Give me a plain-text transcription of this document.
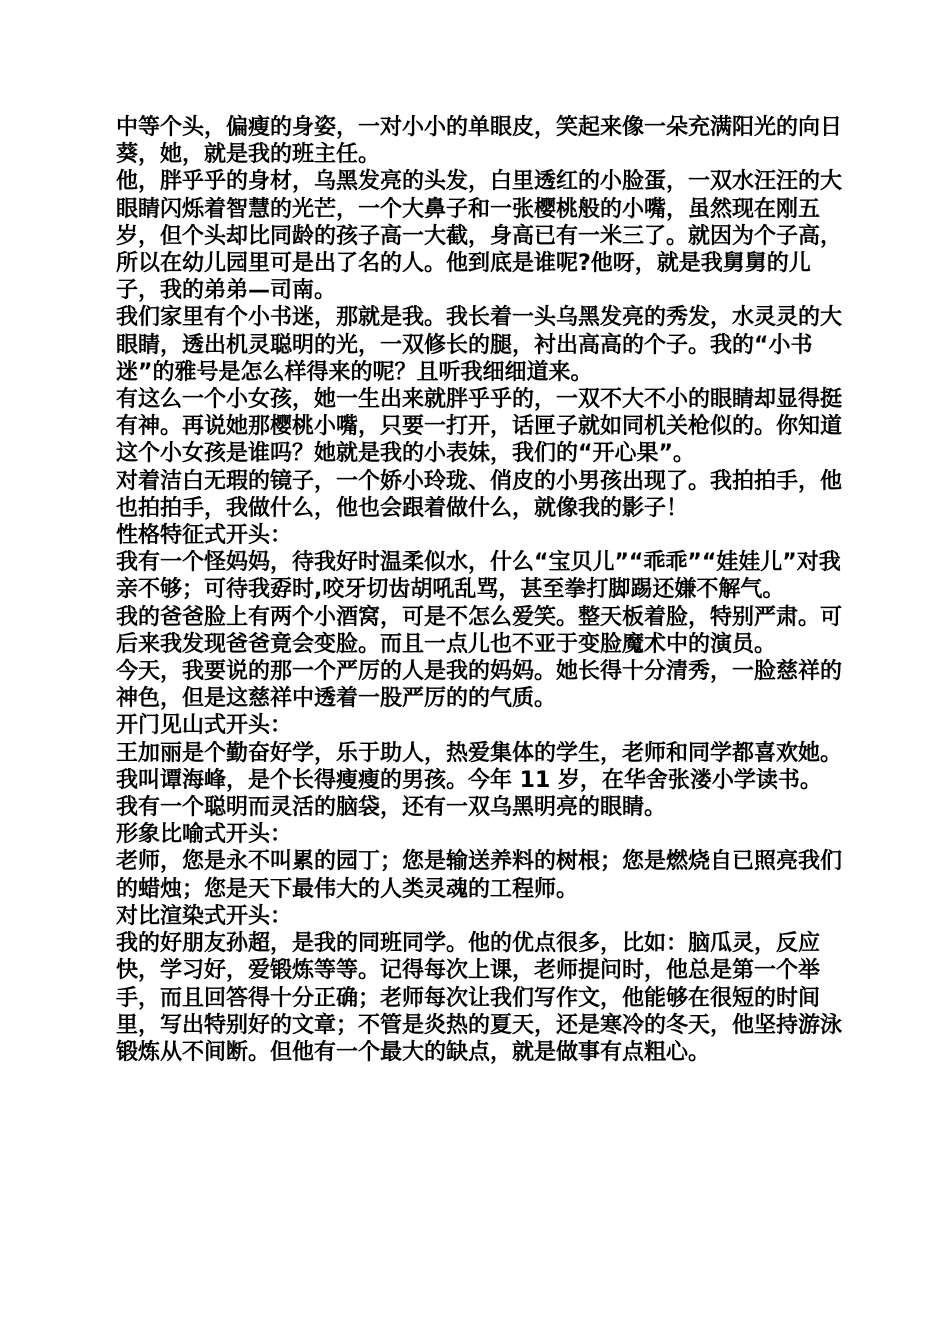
中等个头，偏瘦的身姿，一对小小的单眼皮，笑起来像一朵充满阳光的向日葵，她，就是我的班主任。

他，胖乎乎的身材，乌黑发亮的头发，白里透红的小脸蛋，一双水汪汪的大眼睛闪烁着智慧的光芒，一个大鼻子和一张樱桃般的小嘴，虽然现在刚五岁，但个头却比同龄的孩子高一大截，身高已有一米三了。就因为个子高，所以在幼儿园里可是出了名的人。他到底是谁呢?他呀，就是我舅舅的儿子，我的弟弟—司南。

我们家里有个小书迷，那就是我。我长着一头乌黑发亮的秀发，水灵灵的大眼睛，透出机灵聪明的光，一双修长的腿，衬出高高的个子。我的“小书迷”的雅号是怎么样得来的呢？且听我细细道来。

有这么一个小女孩，她一生出来就胖乎乎的，一双不大不小的眼睛却显得挺有神。再说她那樱桃小嘴，只要一打开，话匣子就如同机关枪似的。你知道这个小女孩是谁吗？她就是我的小表妹，我们的“开心果”。

对着洁白无瑕的镜子，一个娇小玲珑、俏皮的小男孩出现了。我拍拍手，他也拍拍手，我做什么，他也会跟着做什么，就像我的影子！

性格特征式开头：

我有一个怪妈妈，待我好时温柔似水，什么“宝贝儿”“乖乖”“娃娃儿”对我亲不够；可待我孬时,咬牙切齿胡吼乱骂，甚至拳打脚踢还嫌不解气。

我的爸爸脸上有两个小酒窝，可是不怎么爱笑。整天板着脸，特别严肃。可后来我发现爸爸竟会变脸。而且一点儿也不亚于变脸魔术中的演员。

今天，我要说的那一个严厉的人是我的妈妈。她长得十分清秀，一脸慈祥的神色，但是这慈祥中透着一股严厉的的气质。

开门见山式开头：

王加丽是个勤奋好学，乐于助人，热爱集体的学生，老师和同学都喜欢她。

我叫谭海峰，是个长得瘦瘦的男孩。今年 11 岁，在华舍张溇小学读书。我有一个聪明而灵活的脑袋，还有一双乌黑明亮的眼睛。

形象比喻式开头：

老师，您是永不叫累的园丁；您是输送养料的树根；您是燃烧自已照亮我们的蜡烛；您是天下最伟大的人类灵魂的工程师。

对比渲染式开头：

我的好朋友孙超，是我的同班同学。他的优点很多，比如：脑瓜灵，反应快，学习好，爱锻炼等等。记得每次上课，老师提问时，他总是第一个举手，而且回答得十分正确；老师每次让我们写作文，他能够在很短的时间里，写出特别好的文章；不管是炎热的夏天，还是寒冷的冬天，他坚持游泳锻炼从不间断。但他有一个最大的缺点，就是做事有点粗心。
